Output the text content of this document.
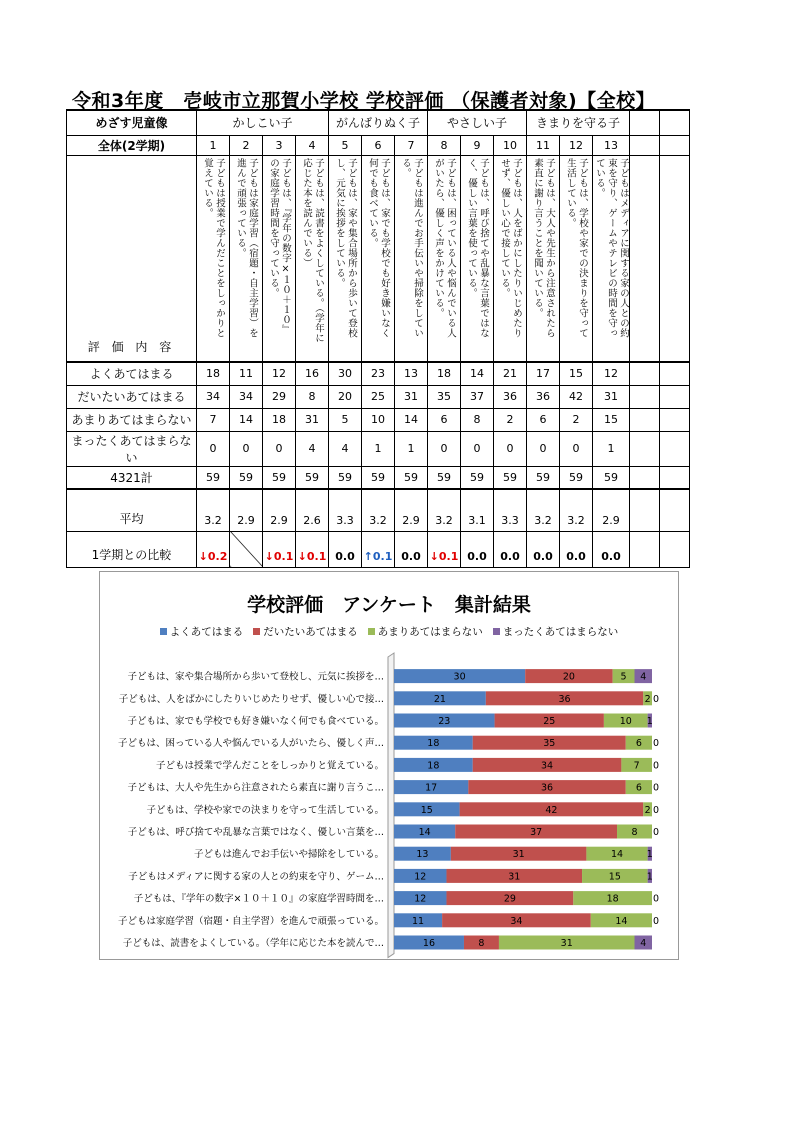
令和3年度　壱岐市立那賀小学校 学校評価 （保護者対象)【全校】
めざす児童像	かしこい子				がんばりぬく子			やさしい子			きまりを守る子				
全体(2学期)	1	2	3	4	5	6	7	8	9	10	11	12	13		
評 価 内 容	子どもは授業で学んだことをしっかりと覚えている。	子どもは家庭学習（宿題・自主学習）を進んで頑張っている。	子どもは、『学年の数字×１０＋１０』の家庭学習時間を守っている。	子どもは、読書をよくしている。（学年に応じた本を読んでいる）	子どもは、家や集合場所から歩いて登校し、元気に挨拶をしている。	子どもは、家でも学校でも好き嫌いなく何でも食べている。	子どもは進んでお手伝いや掃除をしている。	子どもは、困っている人や悩んでいる人がいたら、優しく声をかけている。	子どもは、呼び捨てや乱暴な言葉ではなく、優しい言葉を使っている。	子どもは、人をばかにしたりいじめたりせず、優しい心で接している。	子どもは、大人や先生から注意されたら素直に謝り言うことを聞いている。	子どもは、学校や家での決まりを守って生活している。	子どもはメディアに関する家の人との約束を守り、ゲームやテレビの時間を守っている。		

よくあてはまる	18	11	12	16	30	23	13	18	14	21	17	15	12		
だいたいあてはまる	34	34	29	8	20	25	31	35	37	36	36	42	31		
あまりあてはまらない	7	14	18	31	5	10	14	6	8	2	6	2	15		
まったくあてはまらない	0	0	0	4	4	1	1	0	0	0	0	0	1		
4321計	59	59	59	59	59	59	59	59	59	59	59	59	59		
平均	3.2	2.9	2.9	2.6	3.3	3.2	2.9	3.2	3.1	3.3	3.2	3.2	2.9		
1学期との比較	↓0.2		↓0.1	↓0.1	0.0	↑0.1	0.0	↓0.1	0.0	0.0	0.0	0.0	0.0		
学校評価　アンケート　集計結果
よくあてはまる だいたいあてはまる あまりあてはまらない まったくあてはまらない
子どもは、家や集合場所から歩いて登校し、元気に挨拶を…	30	20	5 4
子どもは、人をばかにしたりいじめたりせず、優しい心で接…	21	36	2 0
子どもは、家でも学校でも好き嫌いなく何でも食べている。	23	25	10 1
子どもは、困っている人や悩んでいる人がいたら、優しく声…	18	35	6 0
子どもは授業で学んだことをしっかりと覚えている。	18	34	7 0
子どもは、大人や先生から注意されたら素直に謝り言うこ…	17	36	6 0
子どもは、学校や家での決まりを守って生活している。	15	42	2 0
子どもは、呼び捨てや乱暴な言葉ではなく、優しい言葉を…	14	37	8 0
子どもは進んでお手伝いや掃除をしている。	13	31	14 1
子どもはメディアに関する家の人との約束を守り、ゲーム…	12	31	15	1
子どもは、『学年の数字×１０＋１０』の家庭学習時間を…	12	29	18	0
子どもは家庭学習（宿題・自主学習）を進んで頑張っている。	11	34	14	0
子どもは、読書をよくしている。（学年に応じた本を読んで…	16	8	31	4
